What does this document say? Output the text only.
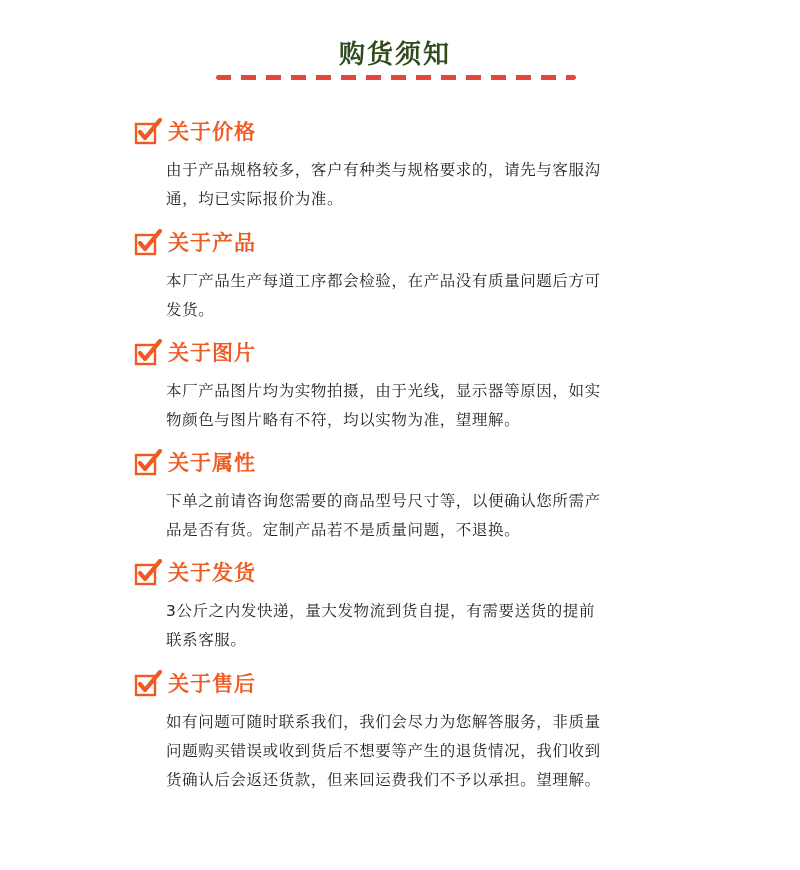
购货须知
关于价格
由于产品规格较多，客户有种类与规格要求的，请先与客服沟
通，均已实际报价为准。
关于产品
本厂产品生产每道工序都会检验，在产品没有质量问题后方可
发货。
关于图片
本厂产品图片均为实物拍摄，由于光线，显示器等原因，如实
物颜色与图片略有不符，均以实物为准，望理解。
关于属性
下单之前请咨询您需要的商品型号尺寸等，以便确认您所需产
品是否有货。定制产品若不是质量问题，不退换。
关于发货
3公斤之内发快递，量大发物流到货自提，有需要送货的提前
联系客服。
关于售后
如有问题可随时联系我们，我们会尽力为您解答服务，非质量
问题购买错误或收到货后不想要等产生的退货情况，我们收到
货确认后会返还货款，但来回运费我们不予以承担。望理解。
